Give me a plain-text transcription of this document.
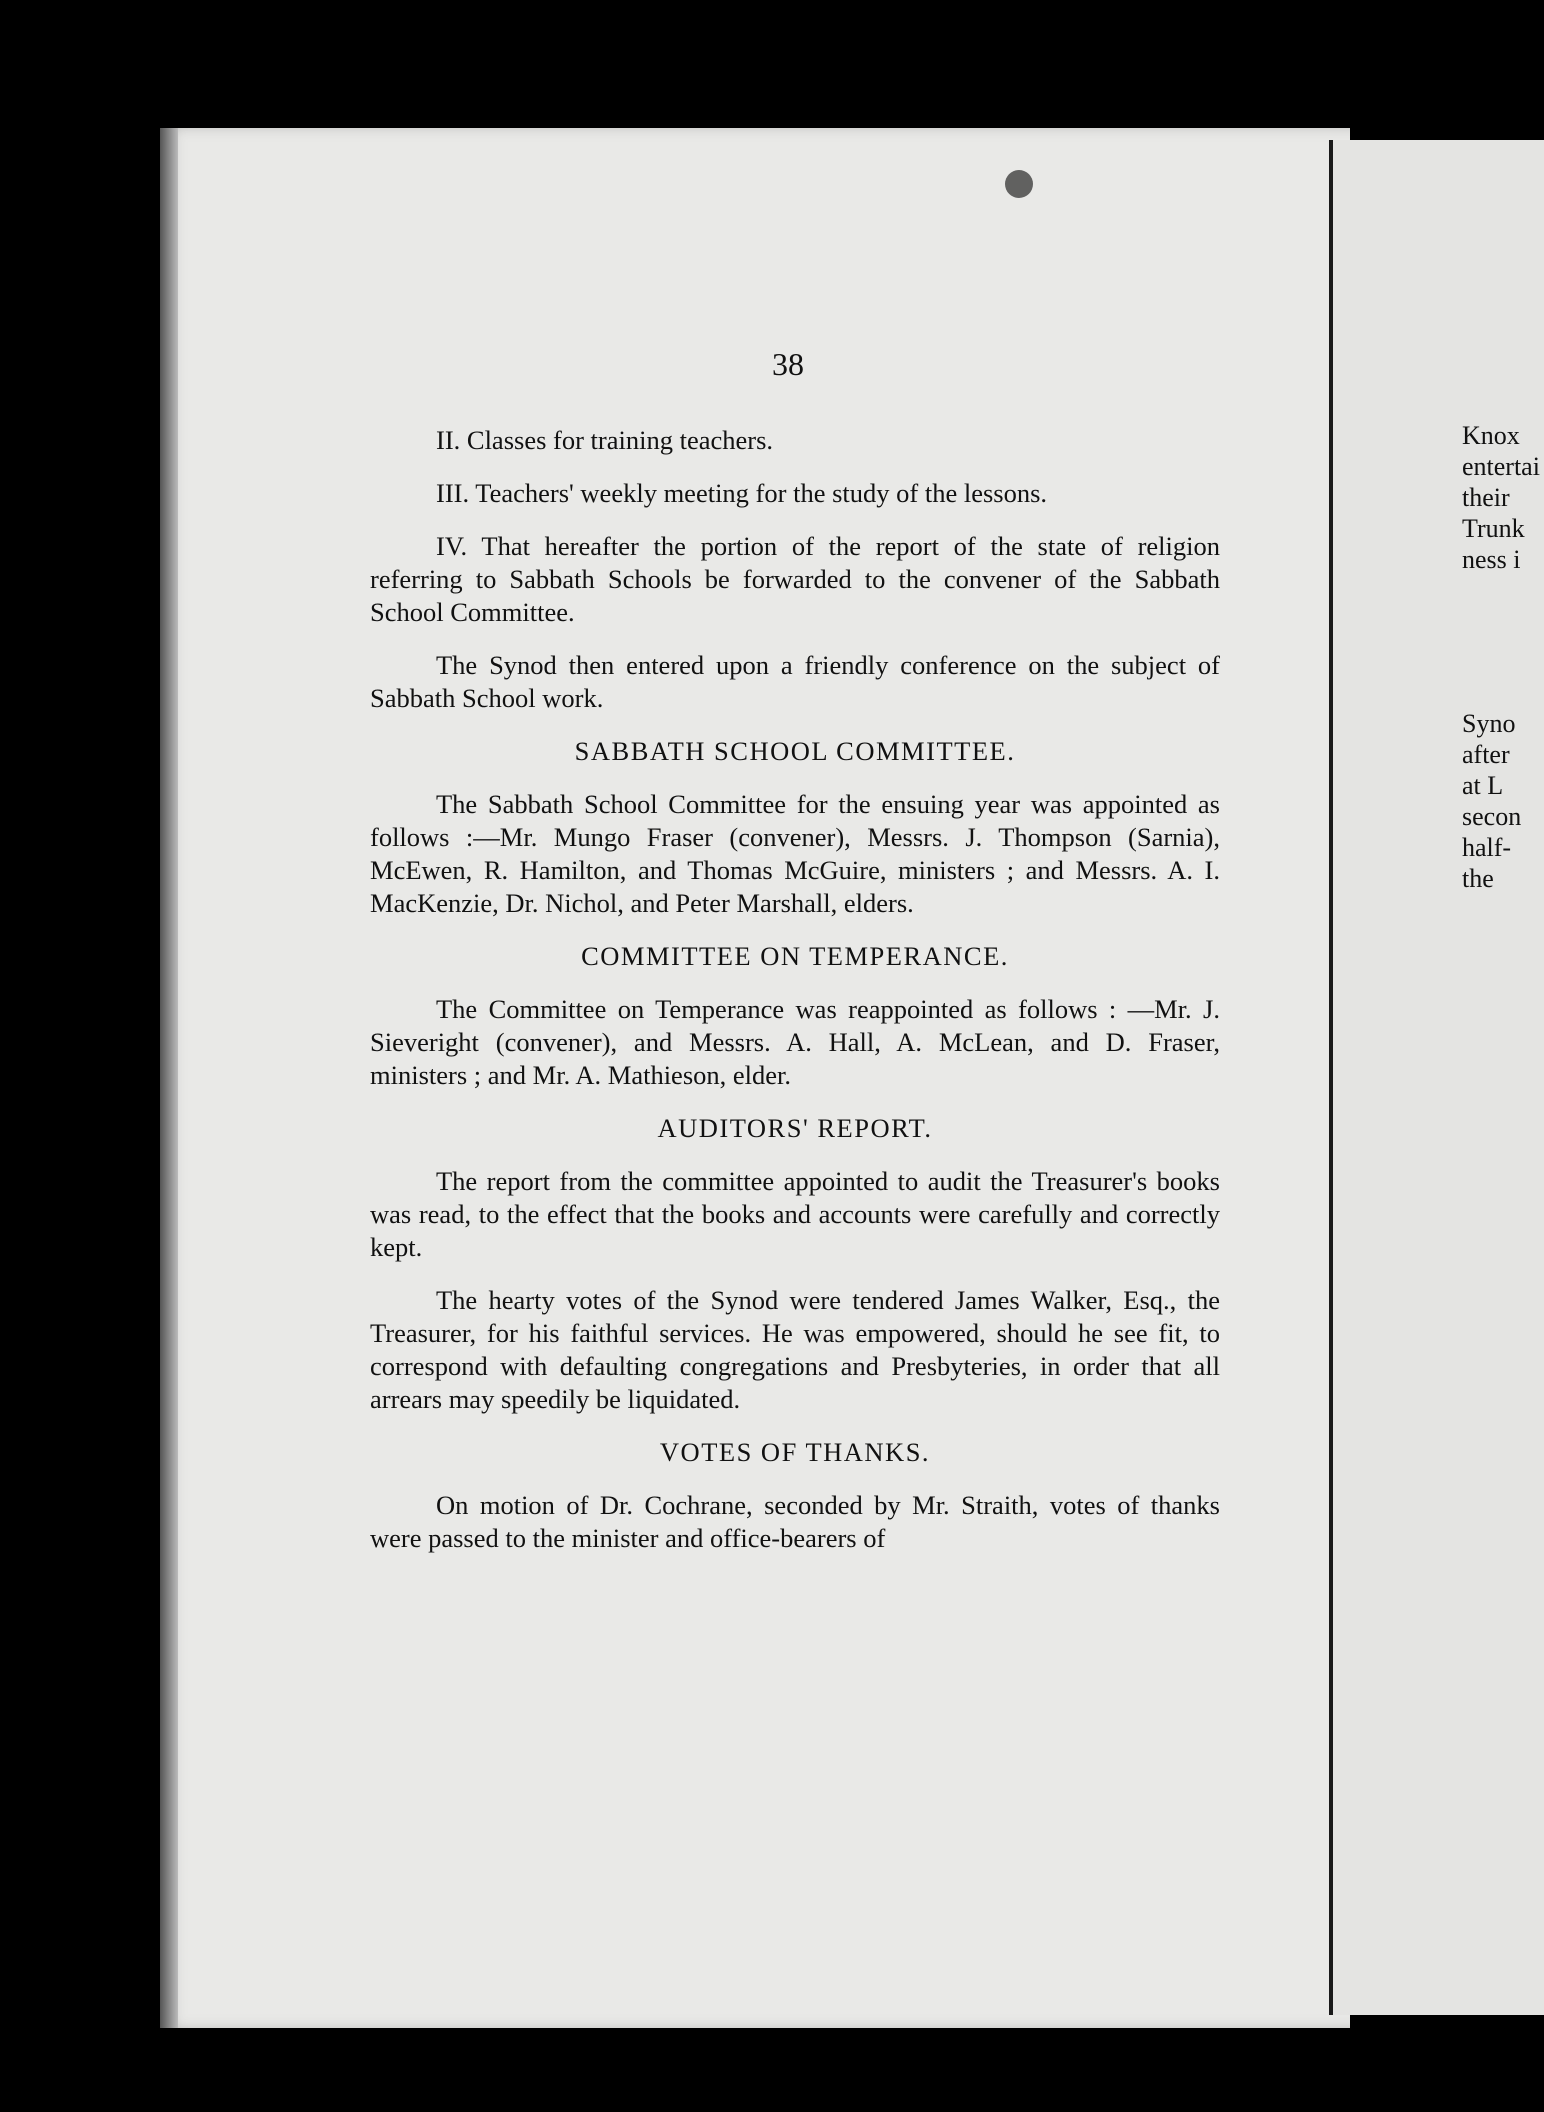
38

II. Classes for training teachers.

III. Teachers' weekly meeting for the study of the lessons.

IV. That hereafter the portion of the report of the state of religion referring to Sabbath Schools be forwarded to the convener of the Sabbath School Committee.

The Synod then entered upon a friendly conference on the subject of Sabbath School work.

SABBATH SCHOOL COMMITTEE.

The Sabbath School Committee for the ensuing year was appointed as follows :—Mr. Mungo Fraser (convener), Messrs. J. Thompson (Sarnia), McEwen, R. Hamilton, and Thomas McGuire, ministers ; and Messrs. A. I. MacKenzie, Dr. Nichol, and Peter Marshall, elders.

COMMITTEE ON TEMPERANCE.

The Committee on Temperance was reappointed as follows : —Mr. J. Sieveright (convener), and Messrs. A. Hall, A. McLean, and D. Fraser, ministers ; and Mr. A. Mathieson, elder.

AUDITORS' REPORT.

The report from the committee appointed to audit the Treasurer's books was read, to the effect that the books and accounts were carefully and correctly kept.

The hearty votes of the Synod were tendered James Walker, Esq., the Treasurer, for his faithful services. He was empowered, should he see fit, to correspond with defaulting congregations and Presbyteries, in order that all arrears may speedily be liquidated.

VOTES OF THANKS.

On motion of Dr. Cochrane, seconded by Mr. Straith, votes of thanks were passed to the minister and office-bearers of

Knox
entertai
their
Trunk
ness i
Syno
after
at L
secon
half-
the
